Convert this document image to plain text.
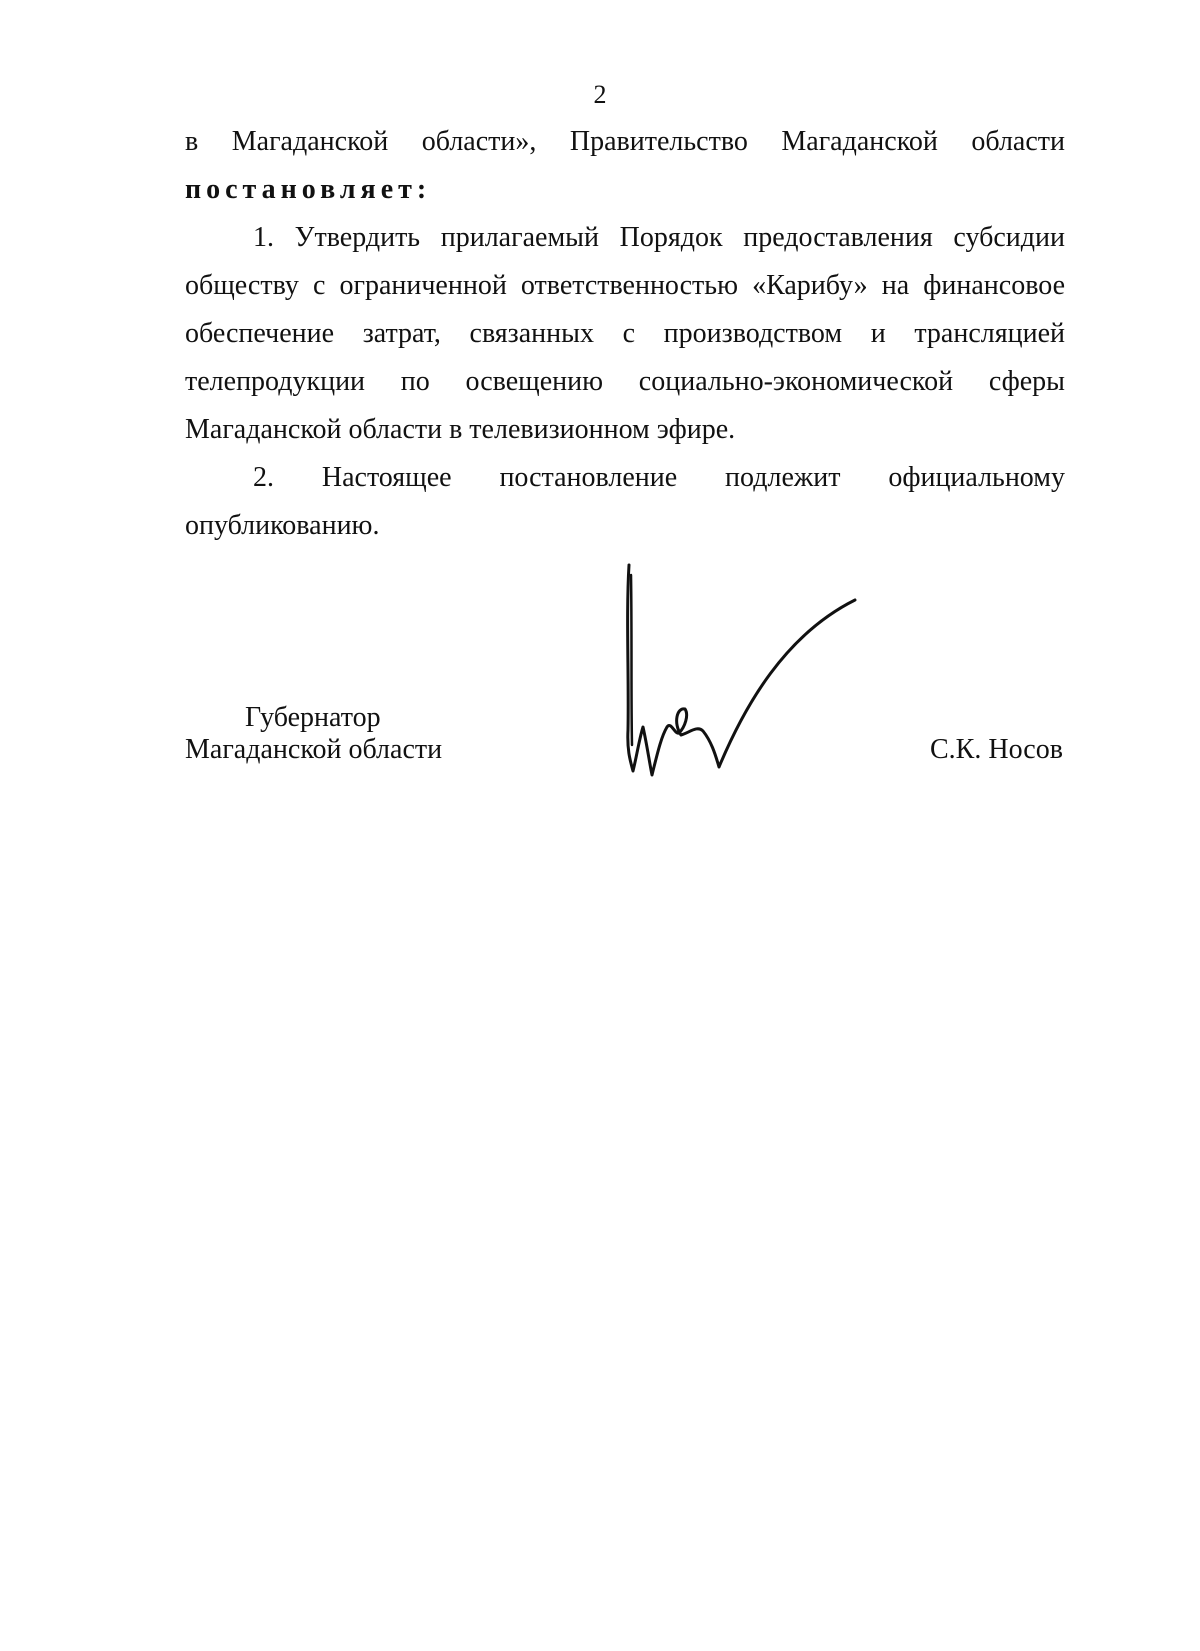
2

в Магаданской области», Правительство Магаданской области

постановляет:

1. Утвердить прилагаемый Порядок предоставления субсидии

обществу с ограниченной ответственностью «Карибу» на финансовое

обеспечение затрат, связанных с производством и трансляцией

телепродукции по освещению социально-экономической сферы

Магаданской области в телевизионном эфире.

2. Настоящее постановление подлежит официальному

опубликованию.

Губернатор
Магаданской области	С.К. Носов
